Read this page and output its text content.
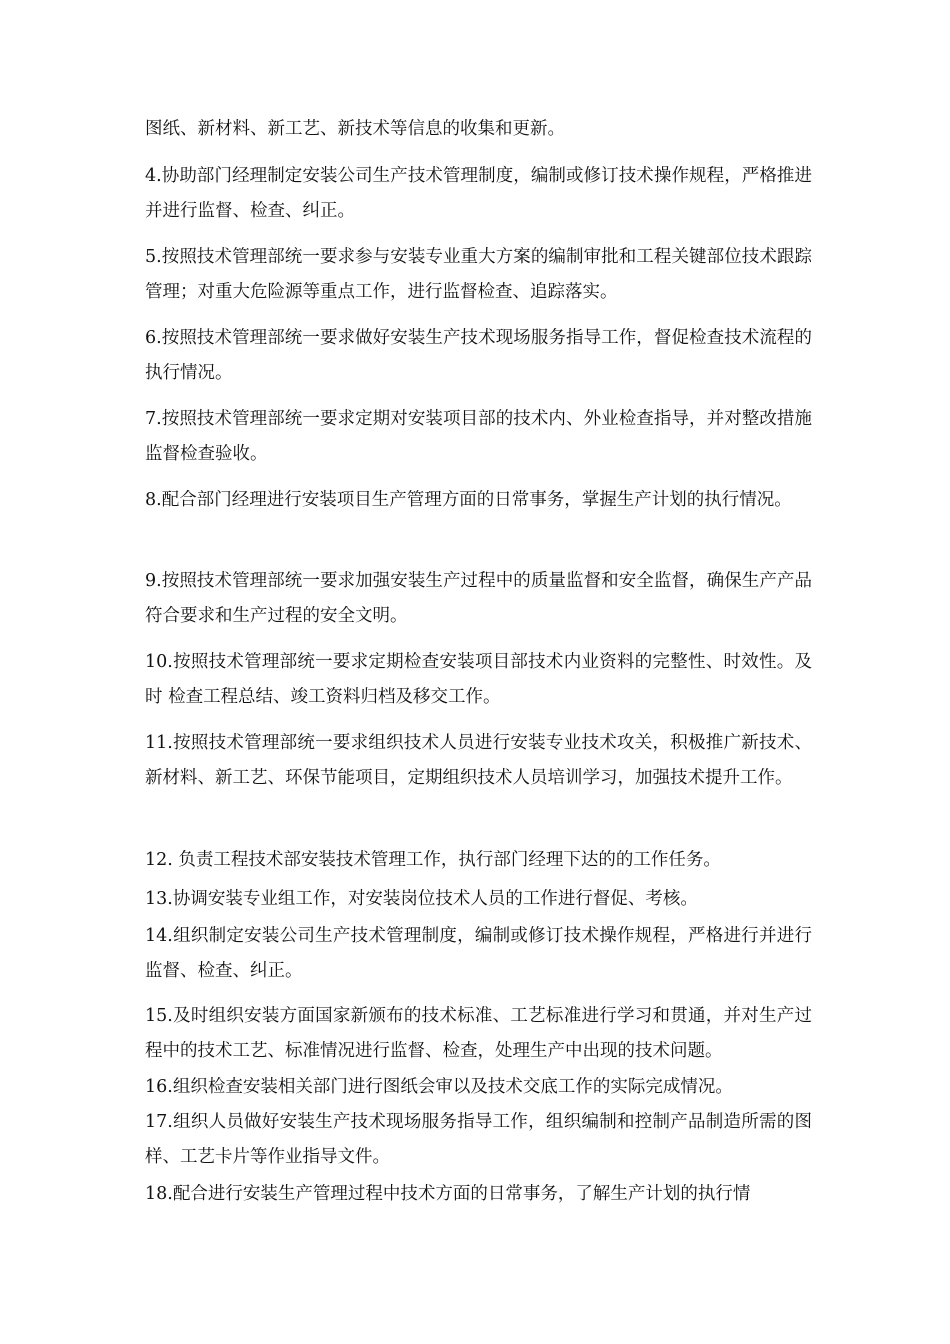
图纸、新材料、新工艺、新技术等信息的收集和更新。

4.协助部门经理制定安装公司生产技术管理制度，编制或修订技术操作规程，严格推进并进行监督、检查、纠正。

5.按照技术管理部统一要求参与安装专业重大方案的编制审批和工程关键部位技术跟踪管理；对重大危险源等重点工作，进行监督检查、追踪落实。

6.按照技术管理部统一要求做好安装生产技术现场服务指导工作，督促检查技术流程的执行情况。

7.按照技术管理部统一要求定期对安装项目部的技术内、外业检查指导，并对整改措施监督检查验收。

8.配合部门经理进行安装项目生产管理方面的日常事务，掌握生产计划的执行情况。

9.按照技术管理部统一要求加强安装生产过程中的质量监督和安全监督，确保生产产品符合要求和生产过程的安全文明。

10.按照技术管理部统一要求定期检查安装项目部技术内业资料的完整性、时效性。及时 检查工程总结、竣工资料归档及移交工作。

11.按照技术管理部统一要求组织技术人员进行安装专业技术攻关，积极推广新技术、新材料、新工艺、环保节能项目，定期组织技术人员培训学习，加强技术提升工作。

12. 负责工程技术部安装技术管理工作，执行部门经理下达的的工作任务。

13.协调安装专业组工作，对安装岗位技术人员的工作进行督促、考核。

14.组织制定安装公司生产技术管理制度，编制或修订技术操作规程，严格进行并进行监督、检查、纠正。

15.及时组织安装方面国家新颁布的技术标准、工艺标准进行学习和贯通，并对生产过程中的技术工艺、标准情况进行监督、检查，处理生产中出现的技术问题。

16.组织检查安装相关部门进行图纸会审以及技术交底工作的实际完成情况。

17.组织人员做好安装生产技术现场服务指导工作，组织编制和控制产品制造所需的图样、工艺卡片等作业指导文件。

18.配合进行安装生产管理过程中技术方面的日常事务，了解生产计划的执行情
